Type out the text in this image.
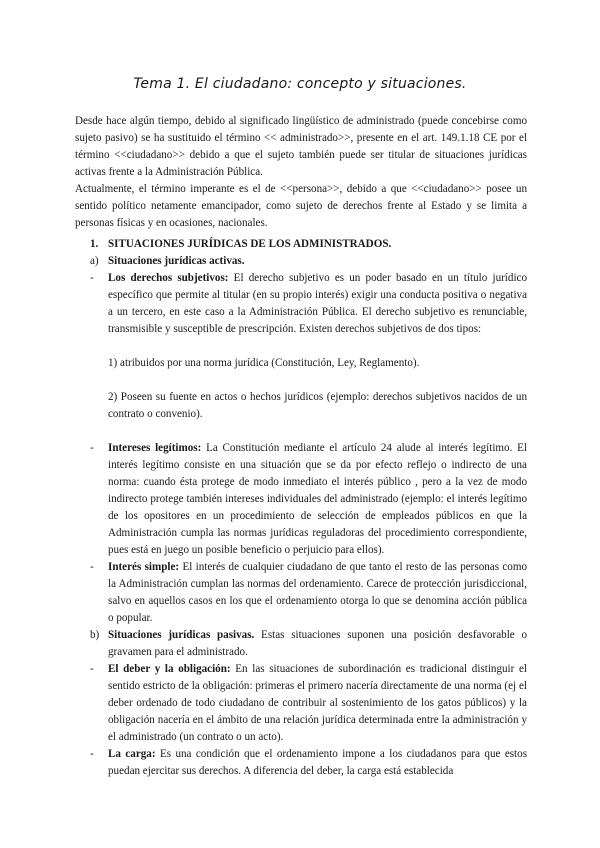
Tema 1. El ciudadano: concepto y situaciones.

Desde hace algún tiempo, debido al significado lingüístico de administrado (puede concebirse como sujeto pasivo) se ha sustituido el término << administrado>>, presente en el art. 149.1.18 CE por el término <<ciudadano>> debido a que el sujeto también puede ser titular de situaciones jurídicas activas frente a la Administración Pública.

Actualmente, el término imperante es el de <<persona>>, debido a que <<ciudadano>> posee un sentido político netamente emancipador, como sujeto de derechos frente al Estado y se limita a personas físicas y en ocasiones, nacionales.

1. SITUACIONES JURÍDICAS DE LOS ADMINISTRADOS.
a) Situaciones jurídicas activas.
-	Los derechos subjetivos: El derecho subjetivo es un poder basado en un título jurídico específico que permite al titular (en su propio interés) exigir una conducta positiva o negativa a un tercero, en este caso a la Administración Pública. El derecho subjetivo es renunciable, transmisible y susceptible de prescripción. Existen derechos subjetivos de dos tipos:
1) atribuidos por una norma jurídica (Constitución, Ley, Reglamento).
2) Poseen su fuente en actos o hechos jurídicos (ejemplo: derechos subjetivos nacidos de un contrato o convenio).
-	Intereses legítimos: La Constitución mediante el artículo 24 alude al interés legítimo. El interés legítimo consiste en una situación que se da por efecto reflejo o indirecto de una norma: cuando ésta protege de modo inmediato el interés público , pero a la vez de modo indirecto protege también intereses individuales del administrado (ejemplo: el interés legítimo de los opositores en un procedimiento de selección de empleados públicos en que la Administración cumpla las normas jurídicas reguladoras del procedimiento correspondiente, pues está en juego un posible beneficio o perjuicio para ellos).
-	Interés simple: El interés de cualquier ciudadano de que tanto el resto de las personas como la Administración cumplan las normas del ordenamiento. Carece de protección jurisdiccional, salvo en aquellos casos en los que el ordenamiento otorga lo que se denomina acción pública o popular.
b) Situaciones jurídicas pasivas. Estas situaciones suponen una posición desfavorable o gravamen para el administrado.
-	El deber y la obligación: En las situaciones de subordinación es tradicional distinguir el sentido estricto de la obligación: primeras el primero nacería directamente de una norma (ej el deber ordenado de todo ciudadano de contribuir al sostenimiento de los gatos públicos) y la obligación nacería en el ámbito de una relación jurídica determinada entre la administración y el administrado (un contrato o un acto).
-	La carga: Es una condición que el ordenamiento impone a los ciudadanos para que estos puedan ejercitar sus derechos. A diferencia del deber, la carga está establecida
